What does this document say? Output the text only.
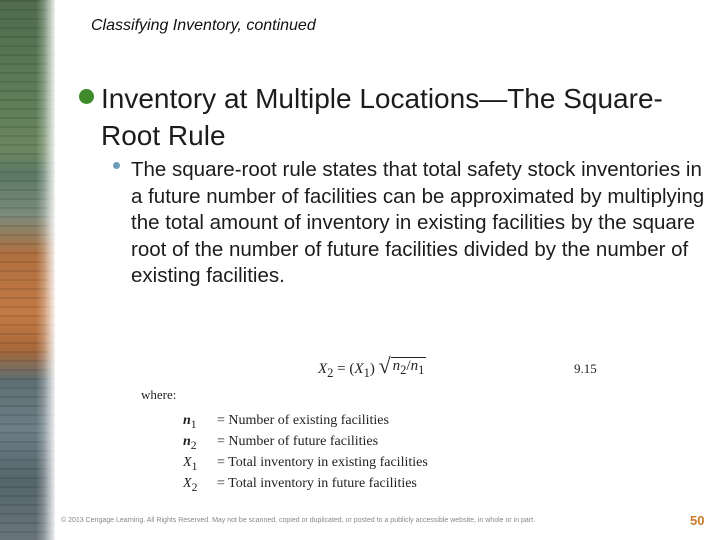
Classifying Inventory, continued
Inventory at Multiple Locations—The Square-Root Rule
The square-root rule states that total safety stock inventories in a future number of facilities can be approximated by multiplying the total amount of inventory in existing facilities by the square root of the number of future facilities divided by the number of existing facilities.
$X_2 = (X_1)$ √ $n_2/n_1$	9.15
where:
$n_1$ = Number of existing facilities
$n_2$ = Number of future facilities
$X_1$ = Total inventory in existing facilities
$X_2$ = Total inventory in future facilities
© 2013 Cengage Learning. All Rights Reserved. May not be scanned, copied or duplicated, or posted to a publicly accessible website, in whole or in part.	50
